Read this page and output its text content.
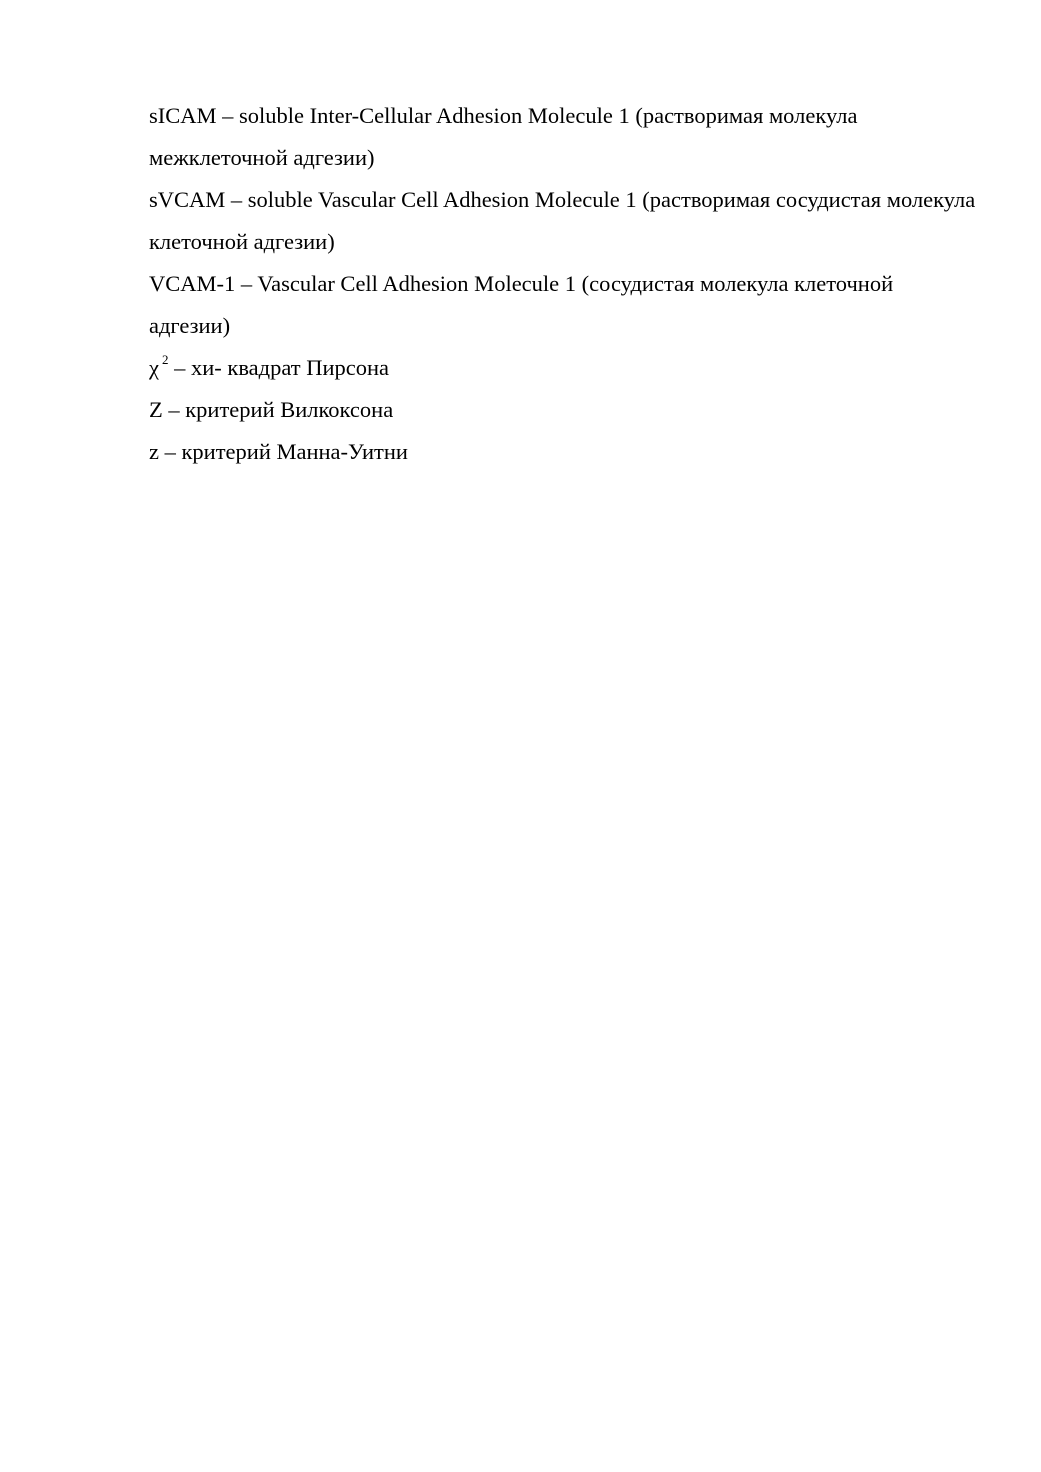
sICAM – soluble Inter-Cellular Adhesion Molecule 1 (растворимая молекула межклеточной адгезии)
sVCAM – soluble Vascular Cell Adhesion Molecule 1 (растворимая сосудистая молекула клеточной адгезии)
VCAM-1 – Vascular Cell Adhesion Molecule 1 (сосудистая молекула клеточной адгезии)
χ $^2$ – хи- квадрат Пирсона
Z – критерий Вилкоксона
z – критерий Манна-Уитни
